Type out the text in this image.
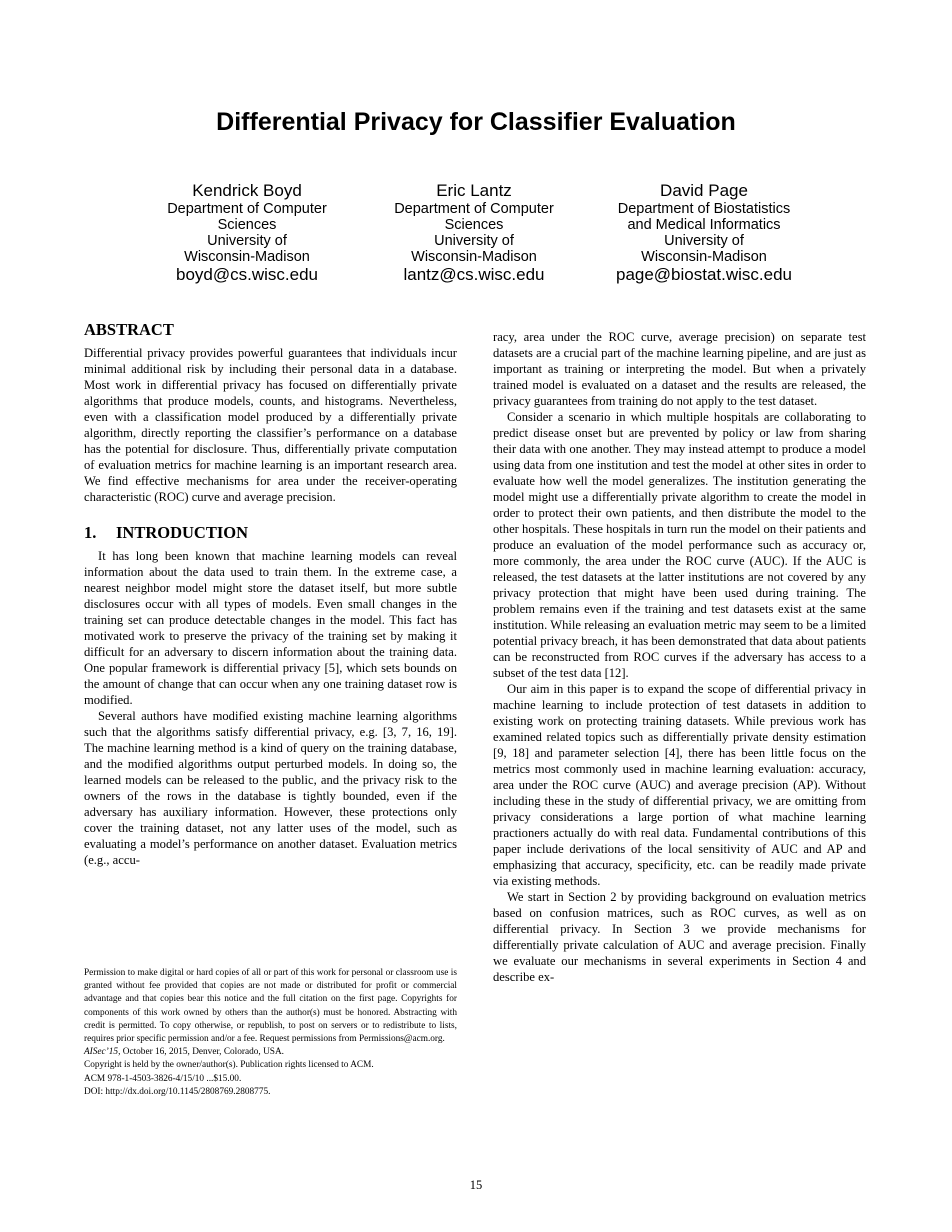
Differential Privacy for Classifier Evaluation
Kendrick Boyd
Department of Computer
Sciences
University of
Wisconsin-Madison
boyd@cs.wisc.edu
Eric Lantz
Department of Computer
Sciences
University of
Wisconsin-Madison
lantz@cs.wisc.edu
David Page
Department of Biostatistics
and Medical Informatics
University of
Wisconsin-Madison
page@biostat.wisc.edu
ABSTRACT

Differential privacy provides powerful guarantees that individuals incur minimal additional risk by including their personal data in a database. Most work in differential privacy has focused on differentially private algorithms that produce models, counts, and histograms. Nevertheless, even with a classification model produced by a differentially private algorithm, directly reporting the classifier’s performance on a database has the potential for disclosure. Thus, differentially private computation of evaluation metrics for machine learning is an important research area. We find effective mechanisms for area under the receiver-operating characteristic (ROC) curve and average precision.

1. INTRODUCTION

It has long been known that machine learning models can reveal information about the data used to train them. In the extreme case, a nearest neighbor model might store the dataset itself, but more subtle disclosures occur with all types of models. Even small changes in the training set can produce detectable changes in the model. This fact has motivated work to preserve the privacy of the training set by making it difficult for an adversary to discern information about the training data. One popular framework is differential privacy [5], which sets bounds on the amount of change that can occur when any one training dataset row is modified.

Several authors have modified existing machine learning algorithms such that the algorithms satisfy differential privacy, e.g. [3, 7, 16, 19]. The machine learning method is a kind of query on the training database, and the modified algorithms output perturbed models. In doing so, the learned models can be released to the public, and the privacy risk to the owners of the rows in the database is tightly bounded, even if the adversary has auxiliary information. However, these protections only cover the training dataset, not any latter uses of the model, such as evaluating a model’s performance on another dataset. Evaluation metrics (e.g., accu-

Permission to make digital or hard copies of all or part of this work for personal or classroom use is granted without fee provided that copies are not made or distributed for profit or commercial advantage and that copies bear this notice and the full citation on the first page. Copyrights for components of this work owned by others than the author(s) must be honored. Abstracting with credit is permitted. To copy otherwise, or republish, to post on servers or to redistribute to lists, requires prior specific permission and/or a fee. Request permissions from Permissions@acm.org.

AISec’15, October 16, 2015, Denver, Colorado, USA.

Copyright is held by the owner/author(s). Publication rights licensed to ACM.

ACM 978-1-4503-3826-4/15/10 ...$15.00.

DOI: http://dx.doi.org/10.1145/2808769.2808775.

racy, area under the ROC curve, average precision) on separate test datasets are a crucial part of the machine learning pipeline, and are just as important as training or interpreting the model. But when a privately trained model is evaluated on a dataset and the results are released, the privacy guarantees from training do not apply to the test dataset.

Consider a scenario in which multiple hospitals are collaborating to predict disease onset but are prevented by policy or law from sharing their data with one another. They may instead attempt to produce a model using data from one institution and test the model at other sites in order to evaluate how well the model generalizes. The institution generating the model might use a differentially private algorithm to create the model in order to protect their own patients, and then distribute the model to the other hospitals. These hospitals in turn run the model on their patients and produce an evaluation of the model performance such as accuracy or, more commonly, the area under the ROC curve (AUC). If the AUC is released, the test datasets at the latter institutions are not covered by any privacy protection that might have been used during training. The problem remains even if the training and test datasets exist at the same institution. While releasing an evaluation metric may seem to be a limited potential privacy breach, it has been demonstrated that data about patients can be reconstructed from ROC curves if the adversary has access to a subset of the test data [12].

Our aim in this paper is to expand the scope of differential privacy in machine learning to include protection of test datasets in addition to existing work on protecting training datasets. While previous work has examined related topics such as differentially private density estimation [9, 18] and parameter selection [4], there has been little focus on the metrics most commonly used in machine learning evaluation: accuracy, area under the ROC curve (AUC) and average precision (AP). Without including these in the study of differential privacy, we are omitting from privacy considerations a large portion of what machine learning practioners actually do with real data. Fundamental contributions of this paper include derivations of the local sensitivity of AUC and AP and emphasizing that accuracy, specificity, etc. can be readily made private via existing methods.

We start in Section 2 by providing background on evaluation metrics based on confusion matrices, such as ROC curves, as well as on differential privacy. In Section 3 we provide mechanisms for differentially private calculation of AUC and average precision. Finally we evaluate our mechanisms in several experiments in Section 4 and describe ex-

15
